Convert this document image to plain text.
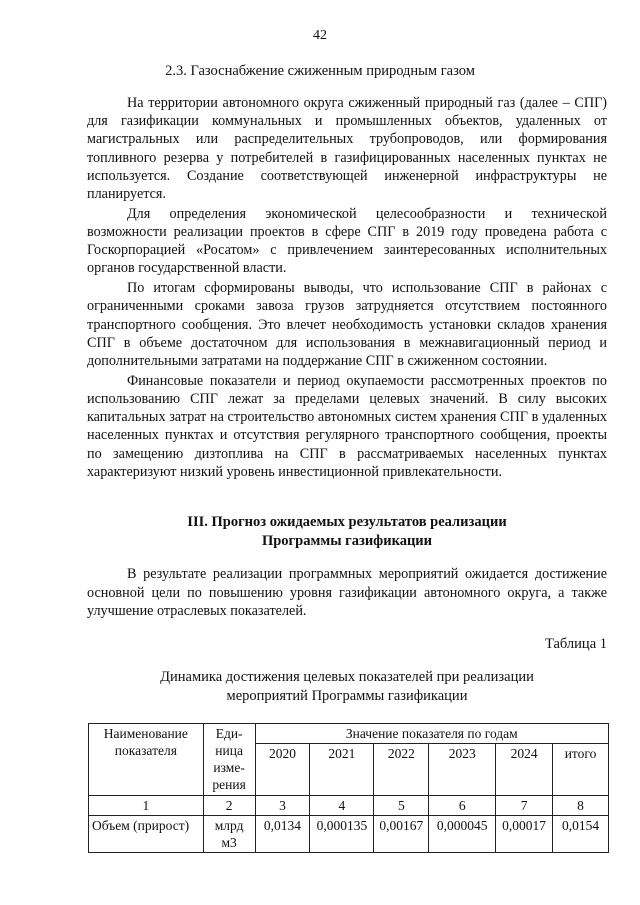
42
2.3. Газоснабжение сжиженным природным газом

На территории автономного округа сжиженный природный газ (далее – СПГ) для газификации коммунальных и промышленных объектов, удаленных от магистральных или распределительных трубопроводов, или формирования топливного резерва у потребителей в газифицированных населенных пунктах не используется. Создание соответствующей инженерной инфраструктуры не планируется.

Для определения экономической целесообразности и технической возможности реализации проектов в сфере СПГ в 2019 году проведена работа с Госкорпорацией «Росатом» с привлечением заинтересованных исполнительных органов государственной власти.

По итогам сформированы выводы, что использование СПГ в районах с ограниченными сроками завоза грузов затрудняется отсутствием постоянного транспортного сообщения. Это влечет необходимость установки складов хранения СПГ в объеме достаточном для использования в межнавигационный период и дополнительными затратами на поддержание СПГ в сжиженном состоянии.

Финансовые показатели и период окупаемости рассмотренных проектов по использованию СПГ лежат за пределами целевых значений. В силу высоких капитальных затрат на строительство автономных систем хранения СПГ в удаленных населенных пунктах и отсутствия регулярного транспортного сообщения, проекты по замещению дизтоплива на СПГ в рассматриваемых населенных пунктах характеризуют низкий уровень инвестиционной привлекательности.

III. Прогноз ожидаемых результатов реализации
Программы газификации

В результате реализации программных мероприятий ожидается достижение основной цели по повышению уровня газификации автономного округа, а также улучшение отраслевых показателей.

Таблица 1
Динамика достижения целевых показателей при реализации
мероприятий Программы газификации
Наименование показателя	Еди-ница изме-рения	Значение показателя по годам					
		2020	2021	2022	2023	2024	итого
1	2	3	4	5	6	7	8
Объем (прирост)	млрд м3	0,0134	0,000135	0,00167	0,000045	0,00017	0,0154
